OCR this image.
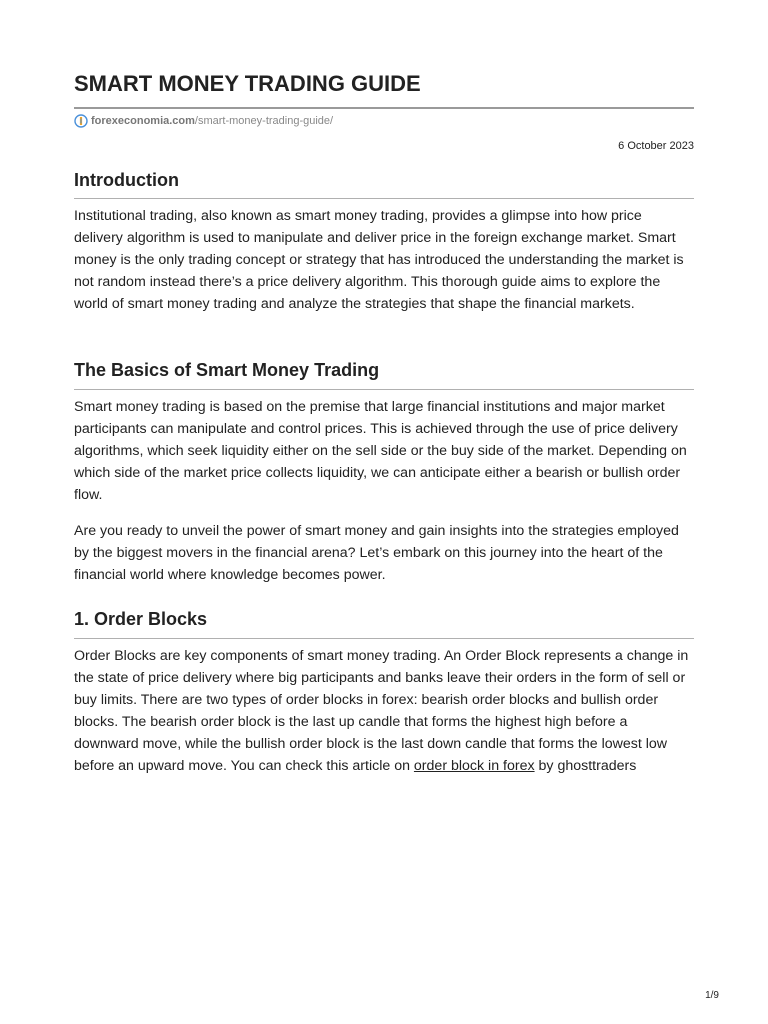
SMART MONEY TRADING GUIDE
forexeconomia.com /smart-money-trading-guide/
6 October 2023
Introduction

Institutional trading, also known as smart money trading, provides a glimpse into how price delivery algorithm is used to manipulate and deliver price in the foreign exchange market. Smart money is the only trading concept or strategy that has introduced the understanding the market is not random instead there’s a price delivery algorithm. This thorough guide aims to explore the world of smart money trading and analyze the strategies that shape the financial markets.

The Basics of Smart Money Trading

Smart money trading is based on the premise that large financial institutions and major market participants can manipulate and control prices. This is achieved through the use of price delivery algorithms, which seek liquidity either on the sell side or the buy side of the market. Depending on which side of the market price collects liquidity, we can anticipate either a bearish or bullish order flow.

Are you ready to unveil the power of smart money and gain insights into the strategies employed by the biggest movers in the financial arena? Let’s embark on this journey into the heart of the financial world where knowledge becomes power.

1. Order Blocks

Order Blocks are key components of smart money trading. An Order Block represents a change in the state of price delivery where big participants and banks leave their orders in the form of sell or buy limits. There are two types of order blocks in forex: bearish order blocks and bullish order blocks. The bearish order block is the last up candle that forms the highest high before a downward move, while the bullish order block is the last down candle that forms the lowest low before an upward move. You can check this article on order block in forex by ghosttraders

1/9
